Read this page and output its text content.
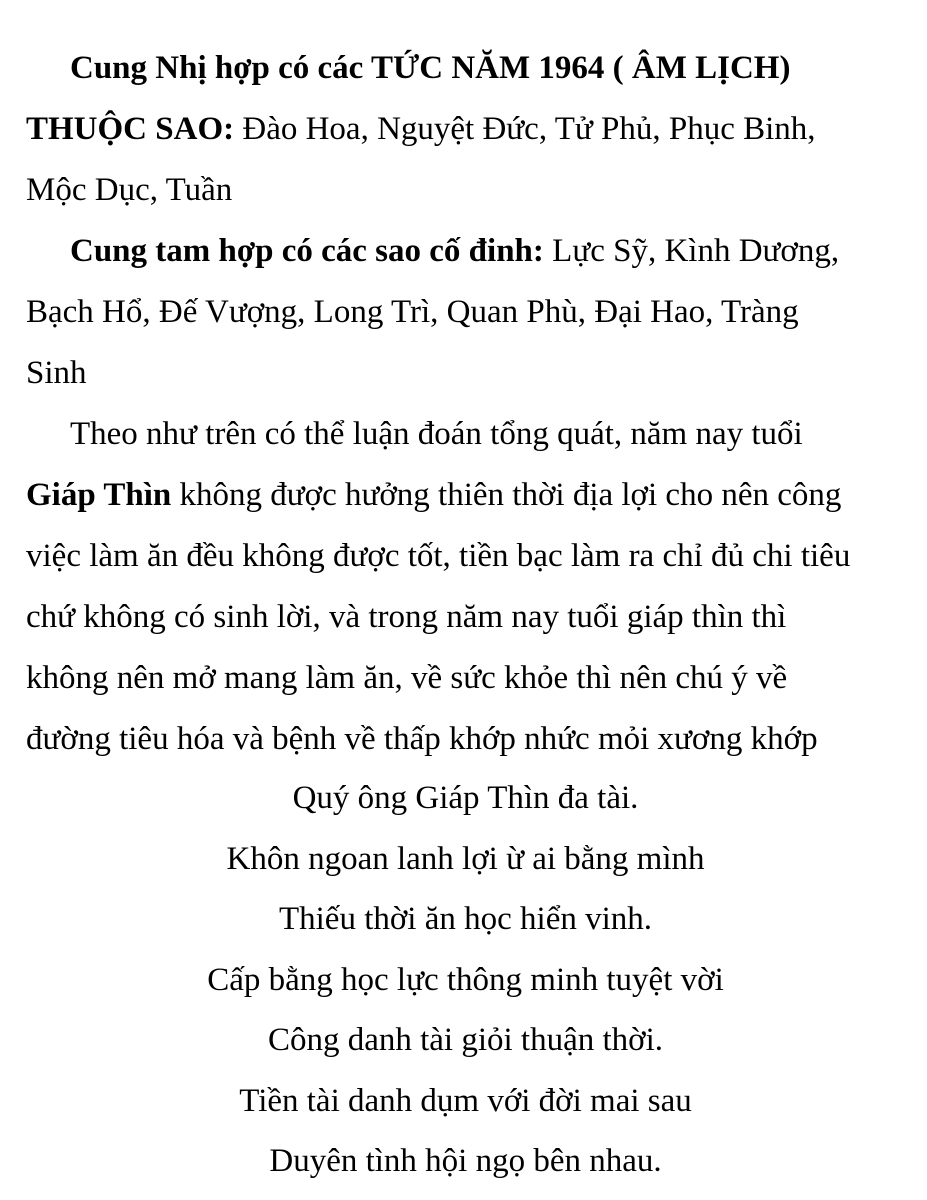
Cung Nhị hợp có các TỨC NĂM 1964 ( ÂM LỊCH)

THUỘC SAO: Đào Hoa, Nguyệt Đức, Tử Phủ, Phục Binh,

Mộc Dục, Tuần

Cung tam hợp có các sao cố đinh: Lực Sỹ, Kình Dương,

Bạch Hổ, Đế Vượng, Long Trì, Quan Phù, Đại Hao, Tràng

Sinh

Theo như trên có thể luận đoán tổng quát, năm nay tuổi

Giáp Thìn không được hưởng thiên thời địa lợi cho nên công

việc làm ăn đều không được tốt, tiền bạc làm ra chỉ đủ chi tiêu

chứ không có sinh lời, và trong năm nay tuổi giáp thìn thì

không nên mở mang làm ăn, về sức khỏe thì nên chú ý về

đường tiêu hóa và bệnh về thấp khớp nhức mỏi xương khớp

Quý ông Giáp Thìn đa tài.

Khôn ngoan lanh lợi ừ ai bằng mình

Thiếu thời ăn học hiển vinh.

Cấp bằng học lực thông minh tuyệt vời

Công danh tài giỏi thuận thời.

Tiền tài danh dụm với đời mai sau

Duyên tình hội ngọ bên nhau.
